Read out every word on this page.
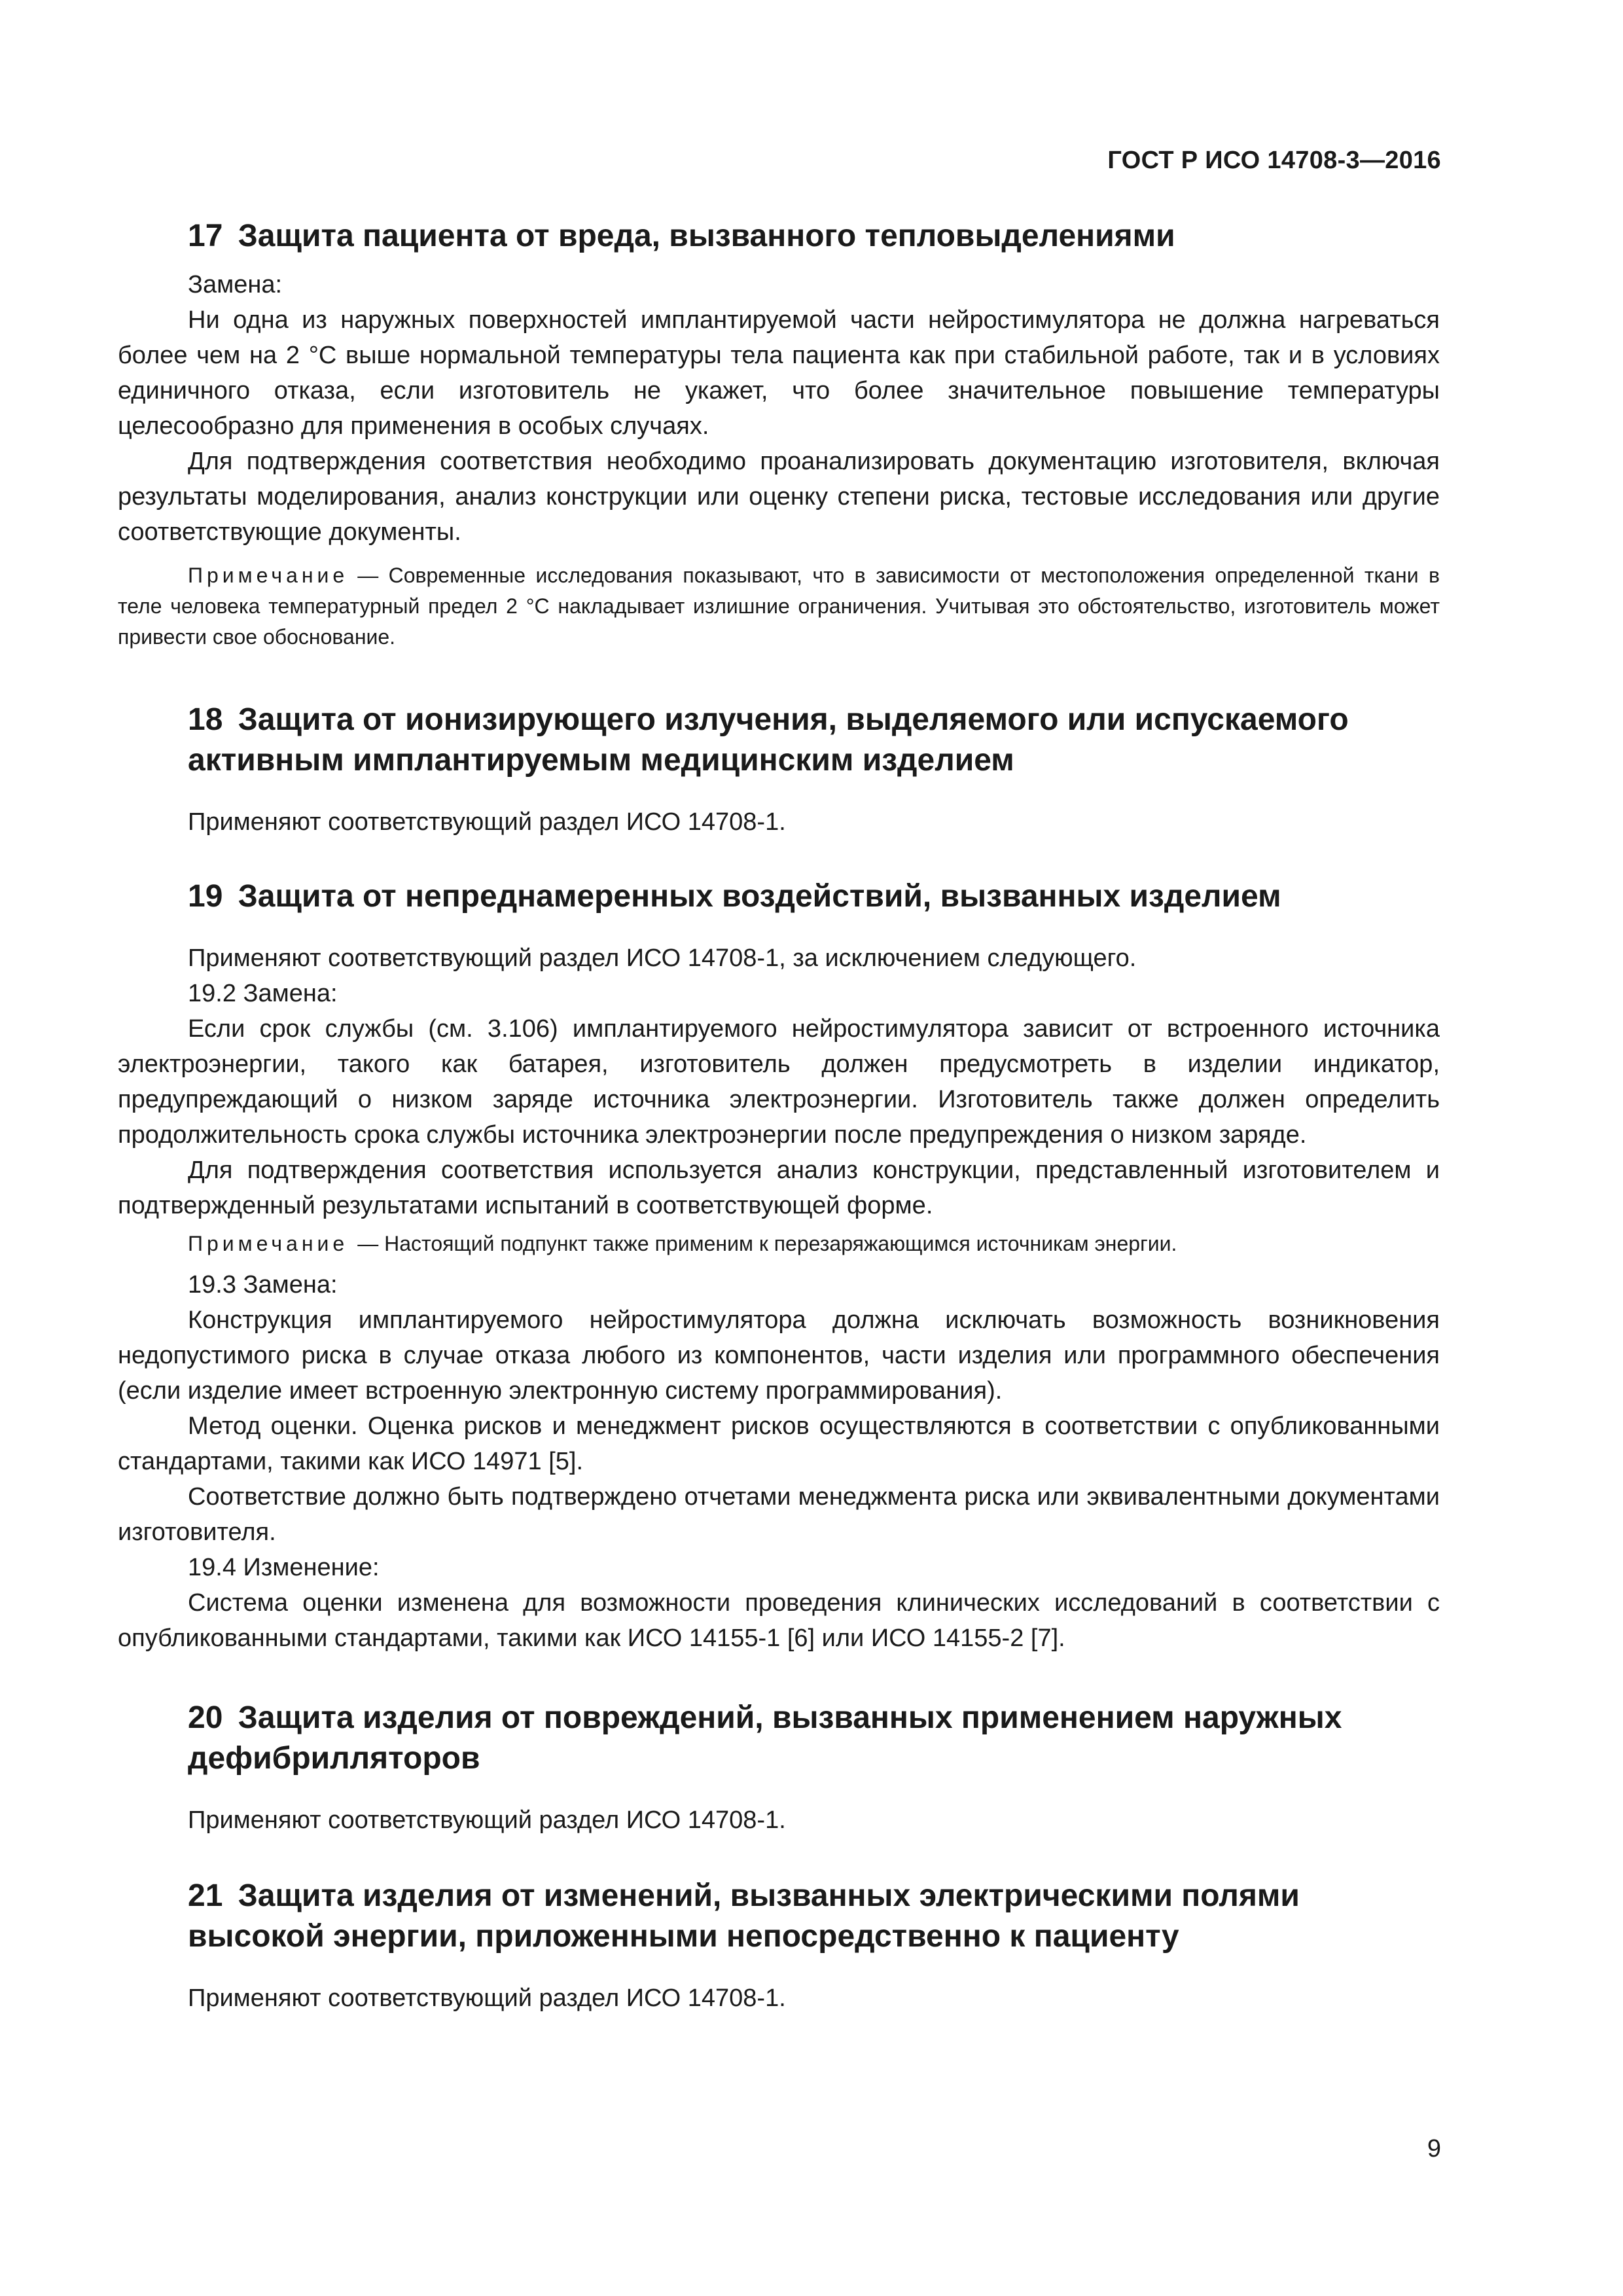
ГОСТ Р ИСО 14708-3—2016
17 Защита пациента от вреда, вызванного тепловыделениями

Замена:

Ни одна из наружных поверхностей имплантируемой части нейростимулятора не должна нагреваться более чем на 2 °C выше нормальной температуры тела пациента как при стабильной работе, так и в условиях единичного отказа, если изготовитель не укажет, что более значительное повышение температуры целесообразно для применения в особых случаях.

Для подтверждения соответствия необходимо проанализировать документацию изготовителя, включая результаты моделирования, анализ конструкции или оценку степени риска, тестовые исследования или другие соответствующие документы.

Примечание — Современные исследования показывают, что в зависимости от местоположения определенной ткани в теле человека температурный предел 2 °C накладывает излишние ограничения. Учитывая это обстоятельство, изготовитель может привести свое обоснование.

18 Защита от ионизирующего излучения, выделяемого или испускаемого активным имплантируемым медицинским изделием

Применяют соответствующий раздел ИСО 14708-1.

19 Защита от непреднамеренных воздействий, вызванных изделием

Применяют соответствующий раздел ИСО 14708-1, за исключением следующего.

19.2 Замена:

Если срок службы (см. 3.106) имплантируемого нейростимулятора зависит от встроенного источника электроэнергии, такого как батарея, изготовитель должен предусмотреть в изделии индикатор, предупреждающий о низком заряде источника электроэнергии. Изготовитель также должен определить продолжительность срока службы источника электроэнергии после предупреждения о низком заряде.

Для подтверждения соответствия используется анализ конструкции, представленный изготовителем и подтвержденный результатами испытаний в соответствующей форме.

Примечание — Настоящий подпункт также применим к перезаряжающимся источникам энергии.

19.3 Замена:

Конструкция имплантируемого нейростимулятора должна исключать возможность возникновения недопустимого риска в случае отказа любого из компонентов, части изделия или программного обеспечения (если изделие имеет встроенную электронную систему программирования).

Метод оценки. Оценка рисков и менеджмент рисков осуществляются в соответствии с опубликованными стандартами, такими как ИСО 14971 [5].

Соответствие должно быть подтверждено отчетами менеджмента риска или эквивалентными документами изготовителя.

19.4 Изменение:

Система оценки изменена для возможности проведения клинических исследований в соответствии с опубликованными стандартами, такими как ИСО 14155-1 [6] или ИСО 14155-2 [7].

20 Защита изделия от повреждений, вызванных применением наружных дефибрилляторов

Применяют соответствующий раздел ИСО 14708-1.

21 Защита изделия от изменений, вызванных электрическими полями высокой энергии, приложенными непосредственно к пациенту

Применяют соответствующий раздел ИСО 14708-1.

9
